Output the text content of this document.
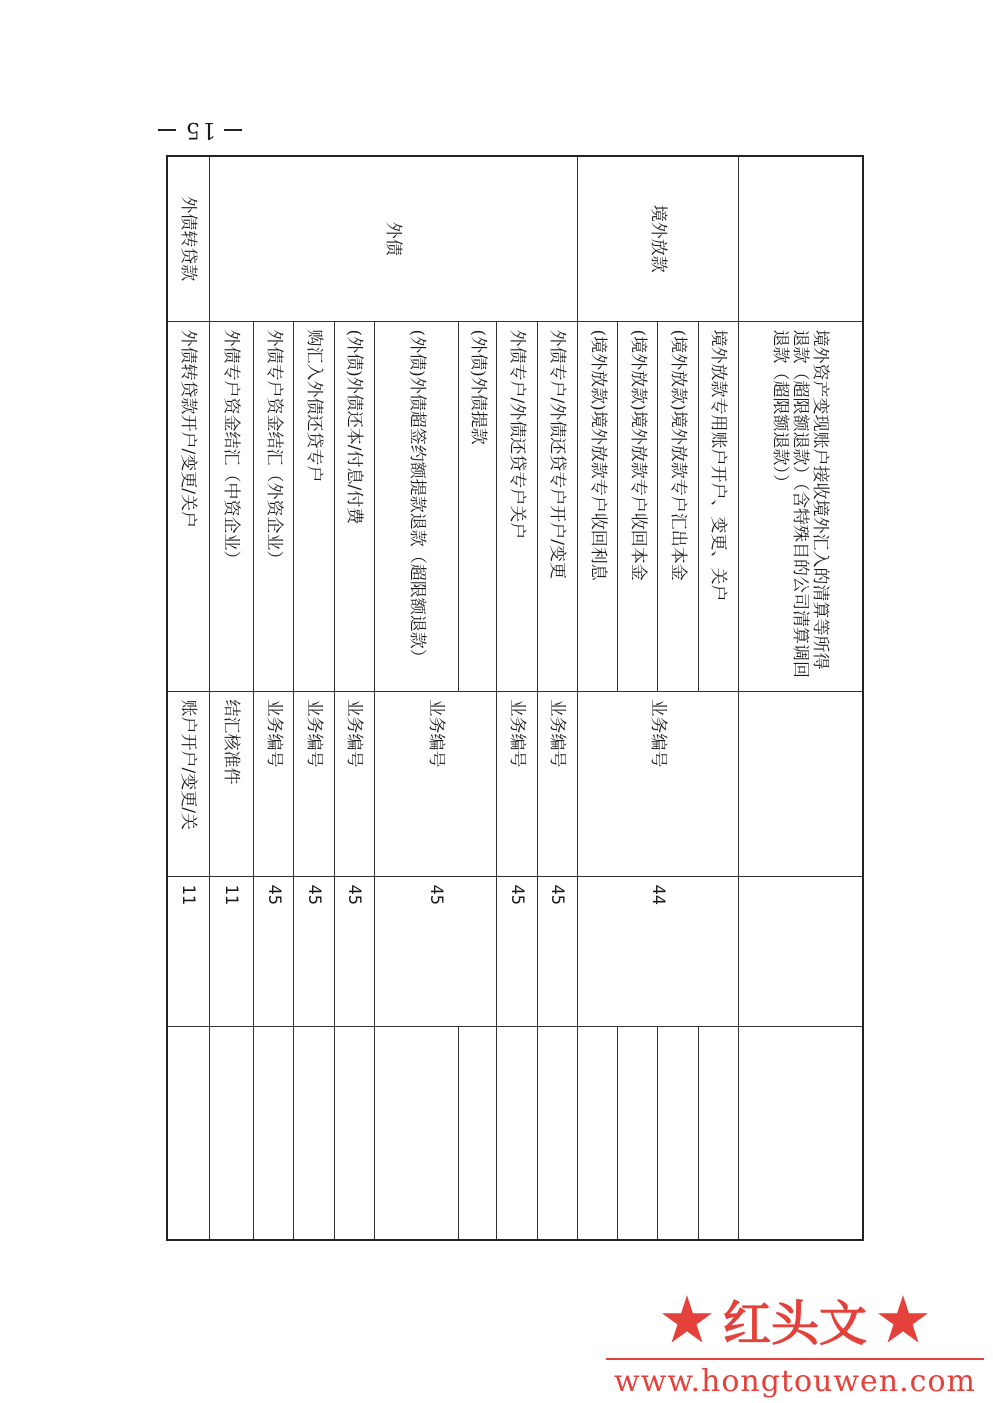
15
	境外资产变现账户接收境外汇入的清算等所得退款（超限额退款）（含特殊目的公司清算调回退款（超限额退款））			
境外放款	境外放款专用账户开户、变更、关户	业务编号	44	
	(境外放款)境外放款专户汇出本金			
	(境外放款)境外放款专户收回本金			
	(境外放款)境外放款专户收回利息			
外债	外债专户/外债还贷专户开户/变更	业务编号	45	
	外债专户/外债还贷专户关户	业务编号	45	
	(外债)外债提款	业务编号	45	
	(外债)外债超签约额提款退款（超限额退款）			
	(外债)外债还本/付息/付费	业务编号	45	
	购汇入外债还贷专户	业务编号	45	
	外债专户资金结汇（外资企业）	业务编号	45	
	外债专户资金结汇（中资企业）	结汇核准件	11	
外债转贷款	外债转贷款开户/变更/关户	账户开户/变更/关	11	
★ 红头文 ★
www.hongtouwen.com
